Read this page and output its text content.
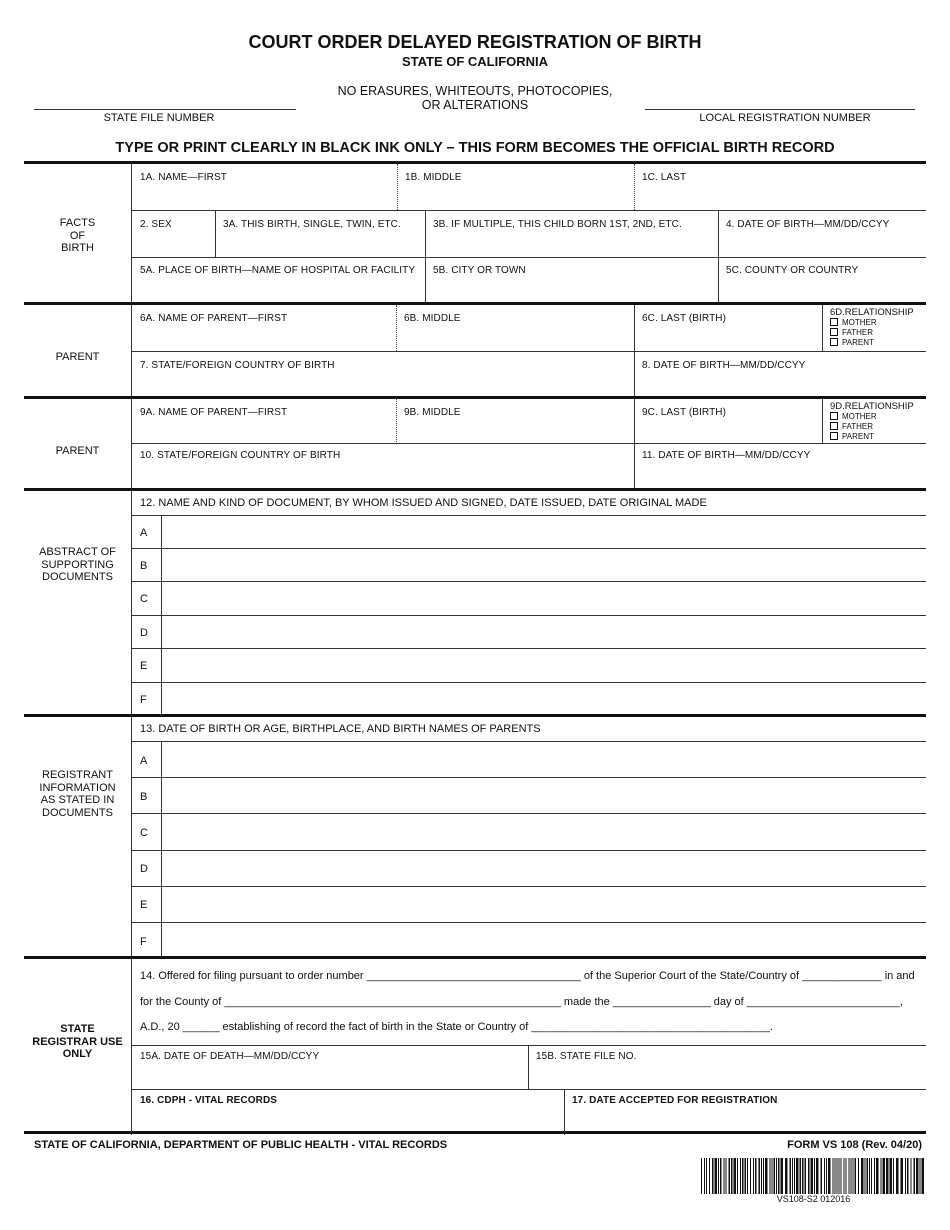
COURT ORDER DELAYED REGISTRATION OF BIRTH
STATE OF CALIFORNIA
NO ERASURES, WHITEOUTS, PHOTOCOPIES,
OR ALTERATIONS
STATE FILE NUMBER	LOCAL REGISTRATION NUMBER
TYPE OR PRINT CLEARLY IN BLACK INK ONLY – THIS FORM BECOMES THE OFFICIAL BIRTH RECORD
FACTS
OF
BIRTH
1A. NAME—FIRST	1B. MIDDLE	1C. LAST
2. SEX	3A. THIS BIRTH, SINGLE, TWIN, ETC.	3B. IF MULTIPLE, THIS CHILD BORN 1ST, 2ND, ETC.	4. DATE OF BIRTH—MM/DD/CCYY
5A. PLACE OF BIRTH—NAME OF HOSPITAL OR FACILITY 5B. CITY OR TOWN	5C. COUNTY OR COUNTRY
PARENT
6A. NAME OF PARENT—FIRST	6B. MIDDLE	6C. LAST (BIRTH)
6D.RELATIONSHIP
MOTHER
FATHER
PARENT
7. STATE/FOREIGN COUNTRY OF BIRTH	8. DATE OF BIRTH—MM/DD/CCYY
PARENT
9A. NAME OF PARENT—FIRST	9B. MIDDLE	9C. LAST (BIRTH)
9D.RELATIONSHIP
MOTHER
FATHER
PARENT
10. STATE/FOREIGN COUNTRY OF BIRTH	11. DATE OF BIRTH—MM/DD/CCYY
ABSTRACT OF
SUPPORTING
DOCUMENTS
12. NAME AND KIND OF DOCUMENT, BY WHOM ISSUED AND SIGNED, DATE ISSUED, DATE ORIGINAL MADE
A
B
C
D
E
F
REGISTRANT
INFORMATION
AS STATED IN
DOCUMENTS
13. DATE OF BIRTH OR AGE, BIRTHPLACE, AND BIRTH NAMES OF PARENTS
A
B
C
D
E
F
STATE
REGISTRAR USE
ONLY
14. Offered for filing pursuant to order number ___________________________________ of the Superior Court of the State/Country of _____________ in and
for the County of _______________________________________________________ made the ________________ day of _________________________,
A.D., 20 ______ establishing of record the fact of birth in the State or Country of _______________________________________.
15A. DATE OF DEATH—MM/DD/CCYY	15B. STATE FILE NO.
16. CDPH - VITAL RECORDS	17. DATE ACCEPTED FOR REGISTRATION
STATE OF CALIFORNIA, DEPARTMENT OF PUBLIC HEALTH - VITAL RECORDS	FORM VS 108 (Rev. 04/20)
VS108-S2 012016
